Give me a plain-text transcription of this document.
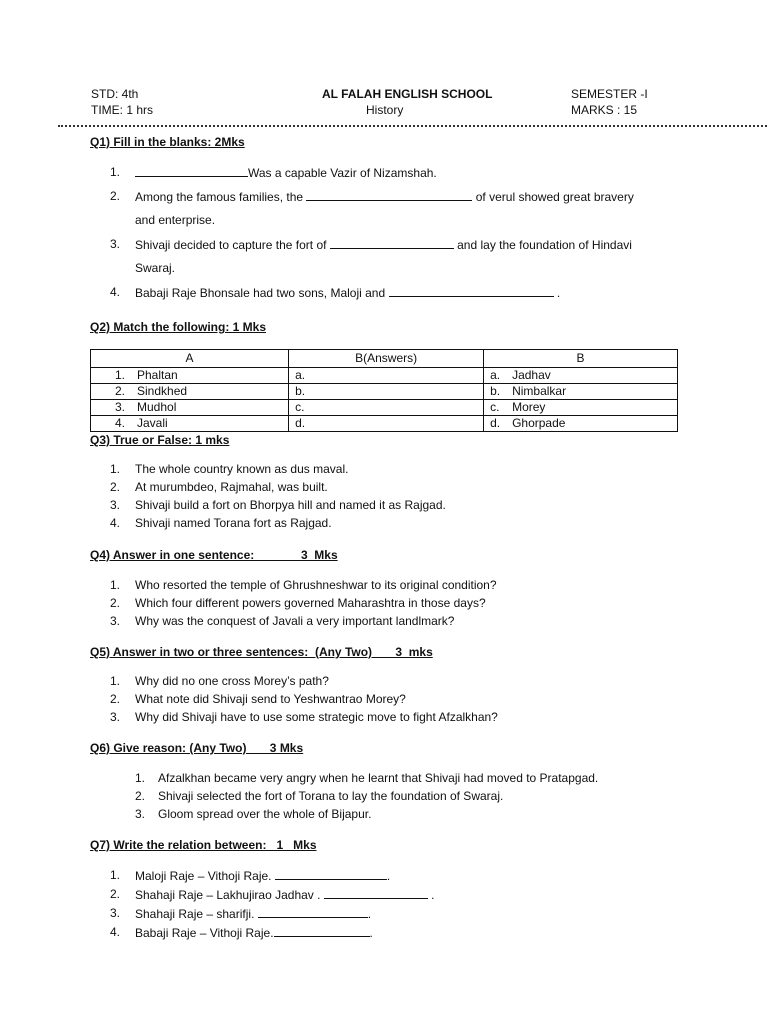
STD: 4th
TIME: 1 hrs
AL FALAH ENGLISH SCHOOL
History
SEMESTER -I
MARKS : 15
Q1) Fill in the blanks: 2Mks
1.	Was a capable Vazir of Nizamshah.
2. Among the famous families, the	of verul showed great bravery
and enterprise.
3. Shivaji decided to capture the fort of	and lay the foundation of Hindavi
Swaraj.
4. Babaji Raje Bhonsale had two sons, Maloji and	.
Q2) Match the following: 1 Mks
A	B(Answers)	B
1. Phaltan	a.	a. Jadhav
2. Sindkhed	b.	b. Nimbalkar
3. Mudhol	c.	c. Morey
4. Javali	d.	d. Ghorpade
Q3) True or False: 1 mks
1. The whole country known as dus maval.
2. At murumbdeo, Rajmahal, was built.
3. Shivaji build a fort on Bhorpya hill and named it as Rajgad.
4. Shivaji named Torana fort as Rajgad.
Q4) Answer in one sentence:              3  Mks
1. Who resorted the temple of Ghrushneshwar to its original condition?
2. Which four different powers governed Maharashtra in those days?
3. Why was the conquest of Javali a very important landlmark?
Q5) Answer in two or three sentences:  (Any Two)       3  mks
1. Why did no one cross Morey’s path?
2. What note did Shivaji send to Yeshwantrao Morey?
3. Why did Shivaji have to use some strategic move to fight Afzalkhan?
Q6) Give reason: (Any Two)       3 Mks
1. Afzalkhan became very angry when he learnt that Shivaji had moved to Pratapgad.
2. Shivaji selected the fort of Torana to lay the foundation of Swaraj.
3. Gloom spread over the whole of Bijapur.
Q7) Write the relation between:   1   Mks
1. Maloji Raje – Vithoji Raje.	.
2. Shahaji Raje – Lakhujirao Jadhav .	.
3. Shahaji Raje – sharifji.	.
4. Babaji Raje – Vithoji Raje.	.
